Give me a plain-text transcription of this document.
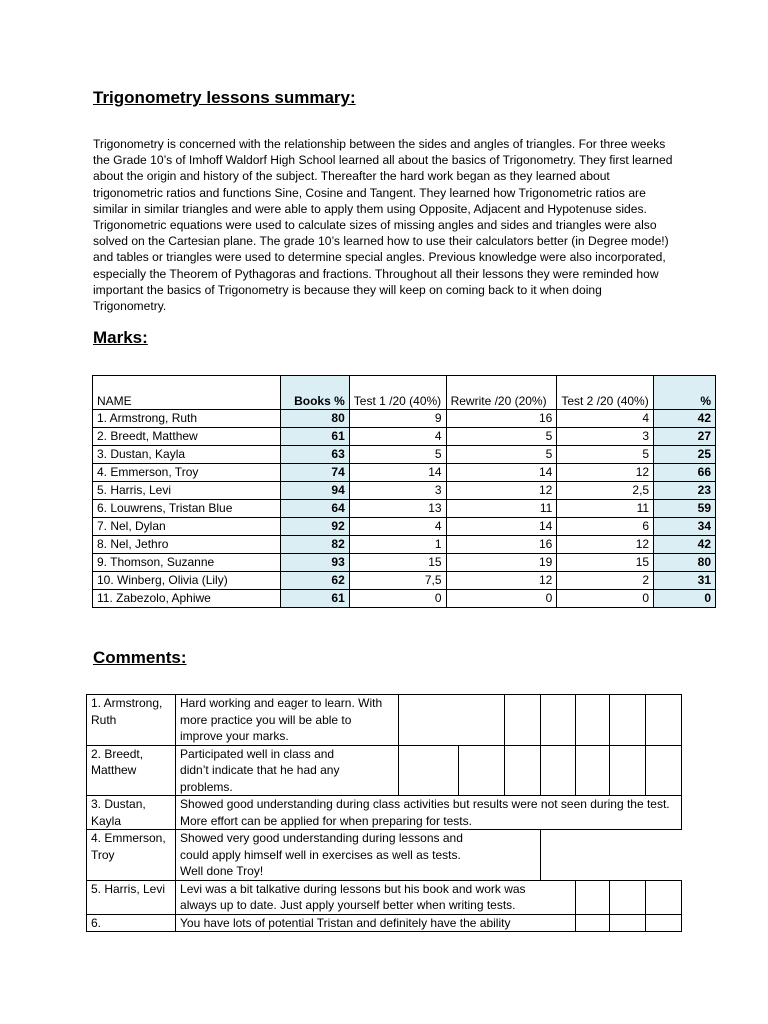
Trigonometry lessons summary:

Trigonometry is concerned with the relationship between the sides and angles of triangles. For three weeks the Grade 10’s of Imhoff Waldorf High School learned all about the basics of Trigonometry. They first learned about the origin and history of the subject. Thereafter the hard work began as they learned about trigonometric ratios and functions Sine, Cosine and Tangent. They learned how Trigonometric ratios are similar in similar triangles and were able to apply them using Opposite, Adjacent and Hypotenuse sides. Trigonometric equations were used to calculate sizes of missing angles and sides and triangles were also solved on the Cartesian plane. The grade 10’s learned how to use their calculators better (in Degree mode!) and tables or triangles were used to determine special angles. Previous knowledge were also incorporated, especially the Theorem of Pythagoras and fractions. Throughout all their lessons they were reminded how important the basics of Trigonometry is because they will keep on coming back to it when doing Trigonometry.

Marks:
NAME	Books %	Test 1 /20 (40%)	Rewrite /20 (20%)	Test 2 /20 (40%)	%
1. Armstrong, Ruth	80	9	16	4	42
2. Breedt, Matthew	61	4	5	3	27
3. Dustan, Kayla	63	5	5	5	25
4. Emmerson, Troy	74	14	14	12	66
5. Harris, Levi	94	3	12	2,5	23
6. Louwrens, Tristan Blue	64	13	11	11	59
7. Nel, Dylan	92	4	14	6	34
8. Nel, Jethro	82	1	16	12	42
9. Thomson, Suzanne	93	15	19	15	80
10. Winberg, Olivia (Lily)	62	7,5	12	2	31
11. Zabezolo, Aphiwe	61	0	0	0	0
Comments:
1. Armstrong, Ruth	Hard working and eager to learn. With more practice you will be able to improve your marks.							
2. Breedt, Matthew	Participated well in class and didn’t indicate that he had any problems.							
3. Dustan, Kayla	Showed good understanding during class activities but results were not seen during the test. More effort can be applied for when preparing for tests.							
4. Emmerson, Troy	Showed very good understanding during lessons and could apply himself well in exercises as well as tests. Well done Troy!							
5. Harris, Levi	Levi was a bit talkative during lessons but his book and work was always up to date. Just apply yourself better when writing tests.							
6.	You have lots of potential Tristan and definitely have the ability							
